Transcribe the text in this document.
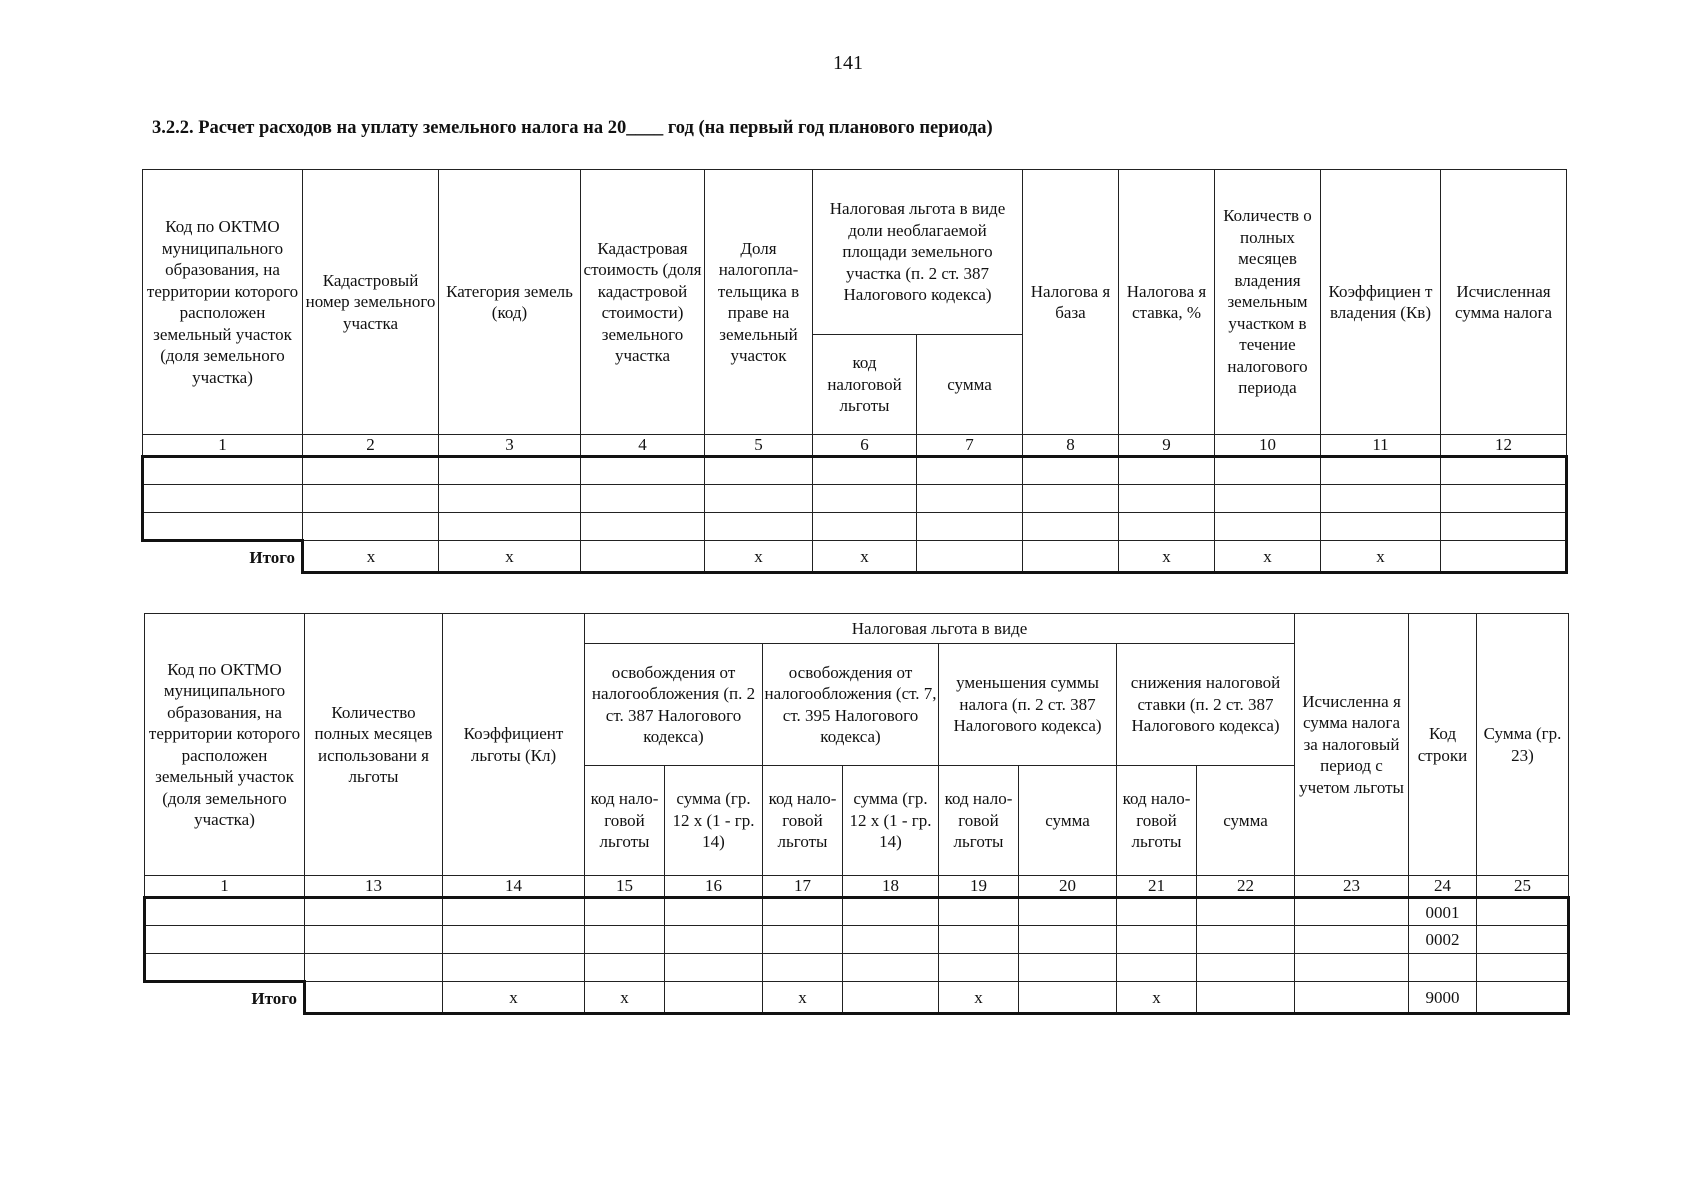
141
3.2.2. Расчет расходов на уплату земельного налога на 20____ год (на первый год планового периода)
Код по ОКТМО муниципального образования, на территории которого расположен земельный участок (доля земельного участка)	Кадастровый номер земельного участка	Категория земель (код)	Кадастровая стоимость (доля кадастровой стоимости) земельного участка	Доля налогопла-тельщика в праве на земельный участок	Налоговая льгота в виде доли необлагаемой площади земельного участка (п. 2 ст. 387 Налогового кодекса)		Налогова я база	Налогова я ставка, %	Количеств о полных месяцев владения земельным участком в течение налогового периода	Коэффициен т владения (Кв)	Исчисленная сумма налога
					код налоговой льготы	сумма					
1	2	3	4	5	6	7	8	9	10	11	12

Итого	x	x		x	x			x	x	x	
Код по ОКТМО муниципального образования, на территории которого расположен земельный участок (доля земельного участка)	Количество полных месяцев использовани я льготы	Коэффициент льготы (Кл)	Налоговая льгота в виде								Исчисленна я сумма налога за налоговый период с учетом льготы	Код строки	Сумма (гр. 23)
			освобождения от налогообложения (п. 2 ст. 387 Налогового кодекса)		освобождения от налогообложения (ст. 7, ст. 395 Налогового кодекса)		уменьшения суммы налога (п. 2 ст. 387 Налогового кодекса)		снижения налоговой ставки (п. 2 ст. 387 Налогового кодекса)				
			код нало-говой льготы	сумма (гр. 12 x (1 - гр. 14)	код нало-говой льготы	сумма (гр. 12 x (1 - гр. 14)	код нало-говой льготы	сумма	код нало-говой льготы	сумма			
1	13	14	15	16	17	18	19	20	21	22	23	24	25
												0001	
												0002	

Итого		x	x		x		x		x			9000	
